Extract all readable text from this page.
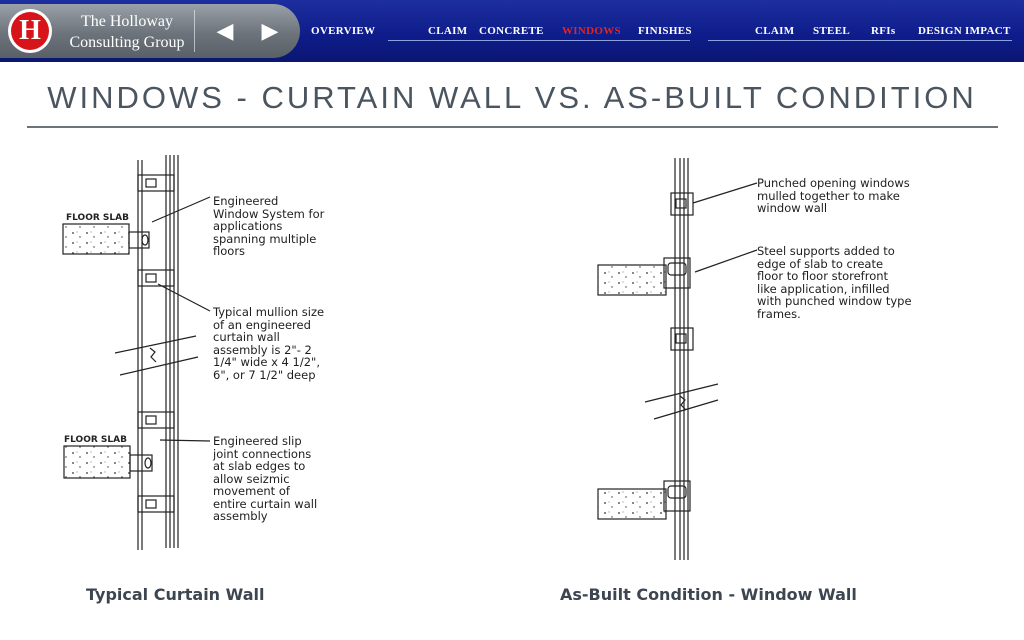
H	The Holloway
Consulting Group ◀ ▶	OVERVIEW	CLAIM CONCRETE WINDOWS FINISHES	CLAIM STEEL RFIs DESIGN IMPACT
WINDOWS - CURTAIN WALL VS. AS-BUILT CONDITION
FLOOR SLAB
FLOOR SLAB
Engineered
Window System for
applications
spanning multiple
floors
Typical mullion size
of an engineered
curtain wall
assembly is 2"- 2
1/4" wide x 4 1/2",
6", or 7 1/2" deep
Engineered slip
joint connections
at slab edges to
allow seizmic
movement of
entire curtain wall
assembly
Punched opening windows
mulled together to make
window wall
Steel supports added to
edge of slab to create
floor to floor storefront
like application, infilled
with punched window type
frames.
Typical Curtain Wall	As-Built Condition - Window Wall
